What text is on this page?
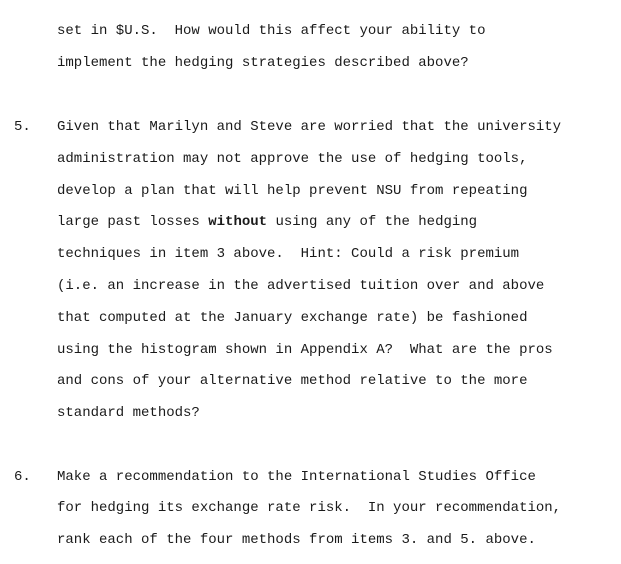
set in $U.S.  How would this affect your ability to
implement the hedging strategies described above?
5. Given that Marilyn and Steve are worried that the university
administration may not approve the use of hedging tools,
develop a plan that will help prevent NSU from repeating
large past losses without using any of the hedging
techniques in item 3 above.  Hint: Could a risk premium
(i.e. an increase in the advertised tuition over and above
that computed at the January exchange rate) be fashioned
using the histogram shown in Appendix A?  What are the pros
and cons of your alternative method relative to the more
standard methods?
6. Make a recommendation to the International Studies Office
for hedging its exchange rate risk.  In your recommendation,
rank each of the four methods from items 3. and 5. above.
